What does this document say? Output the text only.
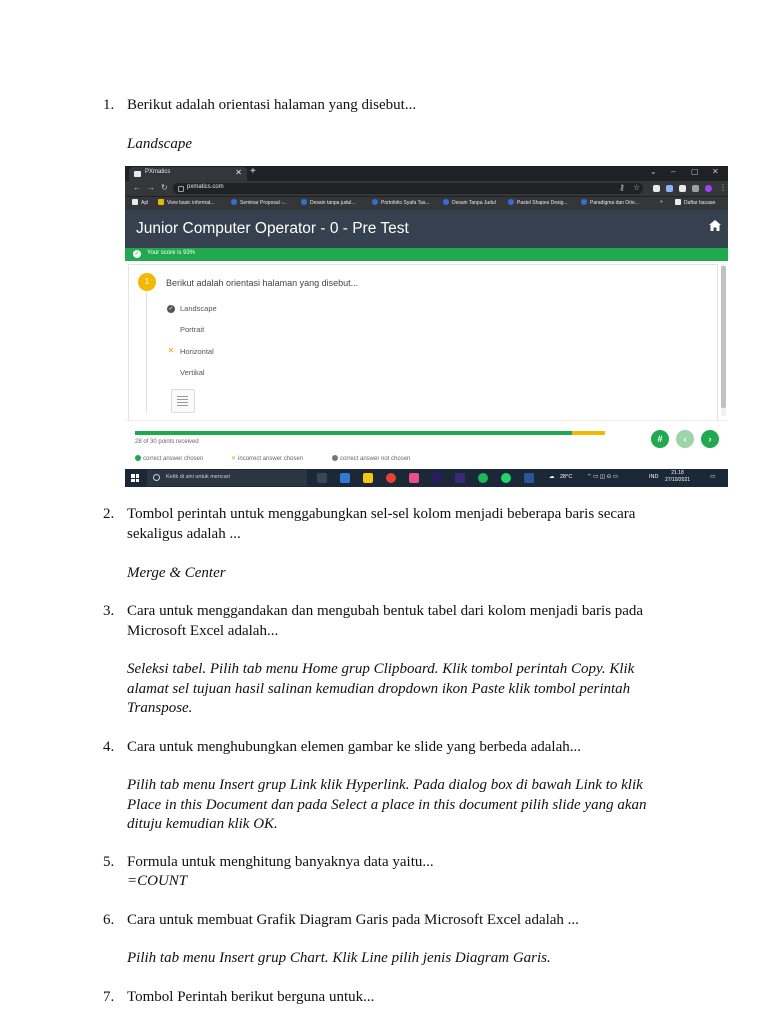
1. Berikut adalah orientasi halaman yang disebut...
Landscape
PXmatics	✕ +	⌄ – ▢ ✕
← → ↻	pxmatics.com	⚷ ☆	⋮
Apl	View basic informat...	Seminar Proposal -...	Desain tanpa judul...	Portofolio Syafa Tas...	Desain Tanpa Judul	Pastel Shapes Desig...	Paradigma dan Orie...	»	Daftar bacaan
Junior Computer Operator - 0 - Pre Test
✓ Your score is 93%
1	Berikut adalah orientasi halaman yang disebut...
✓ Landscape
Portrait
✕ Horizontal
Vertikal
28 of 30 points received
correct answer chosen	✕ incorrect answer chosen	correct answer not chosen
#	‹	›
Ketik di sini untuk mencari	☁ 28°C	⌃ ▭ ◫ ⊙ ▭	IND
21.18
27/10/2021	▭
2. Tombol perintah untuk menggabungkan sel-sel kolom menjadi beberapa baris secara
sekaligus adalah ...
Merge & Center
3. Cara untuk menggandakan dan mengubah bentuk tabel dari kolom menjadi baris pada
Microsoft Excel adalah...
Seleksi tabel. Pilih tab menu Home grup Clipboard. Klik tombol perintah Copy. Klik
alamat sel tujuan hasil salinan kemudian dropdown ikon Paste klik tombol perintah
Transpose.
4. Cara untuk menghubungkan elemen gambar ke slide yang berbeda adalah...
Pilih tab menu Insert grup Link klik Hyperlink. Pada dialog box di bawah Link to klik
Place in this Document dan pada Select a place in this document pilih slide yang akan
dituju kemudian klik OK.
5. Formula untuk menghitung banyaknya data yaitu...
=COUNT
6. Cara untuk membuat Grafik Diagram Garis pada Microsoft Excel adalah ...
Pilih tab menu Insert grup Chart. Klik Line pilih jenis Diagram Garis.
7. Tombol Perintah berikut berguna untuk...
